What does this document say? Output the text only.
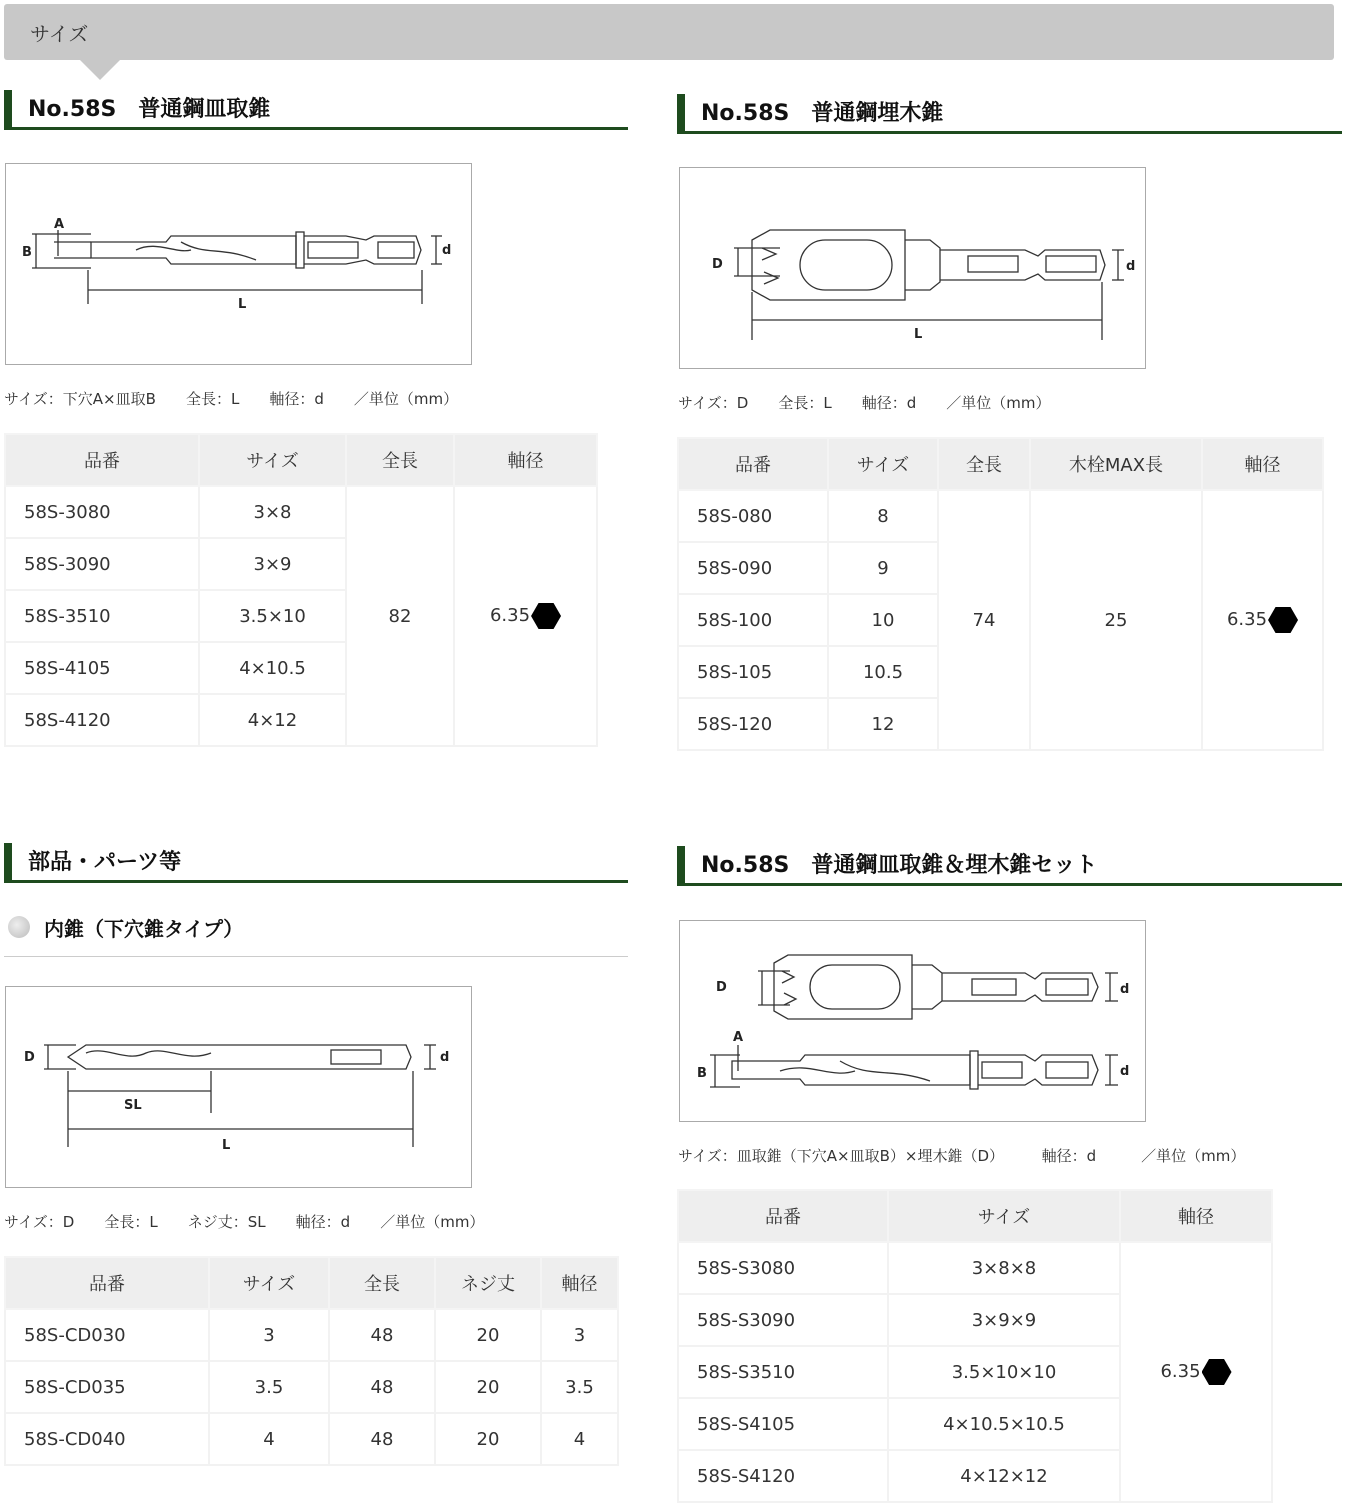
サイズ
No.58S　普通鋼皿取錐
A
B	d
L
サイズ：下穴A×皿取B　　 全長：L　　 軸径：d　　 ／単位（mm）
品番	サイズ	全長	軸径
58S-3080	3×8	82	6.35
58S-3090	3×9		
58S-3510	3.5×10		
58S-4105	4×10.5		
58S-4120	4×12		
No.58S　普通鋼埋木錐
D	d
L
サイズ：D　　 全長：L　　 軸径：d　　 ／単位（mm）
品番	サイズ	全長	木栓MAX長	軸径
58S-080	8	74	25	6.35
58S-090	9			
58S-100	10			
58S-105	10.5			
58S-120	12			
部品・パーツ等
内錐（下穴錐タイプ）
D	d
SL
L
サイズ：D　　 全長：L　　 ネジ丈：SL　　 軸径：d　　 ／単位（mm）
品番	サイズ	全長	ネジ丈	軸径
58S-CD030	3	48	20	3
58S-CD035	3.5	48	20	3.5
58S-CD040	4	48	20	4
No.58S　普通鋼皿取錐＆埋木錐セット
D	d
A
B	d
サイズ：皿取錐（下穴A×皿取B）×埋木錐（D）　　　	軸径：d　　　	／単位（mm）
品番	サイズ	軸径
58S-S3080	3×8×8	6.35
58S-S3090	3×9×9	
58S-S3510	3.5×10×10	
58S-S4105	4×10.5×10.5	
58S-S4120	4×12×12	
